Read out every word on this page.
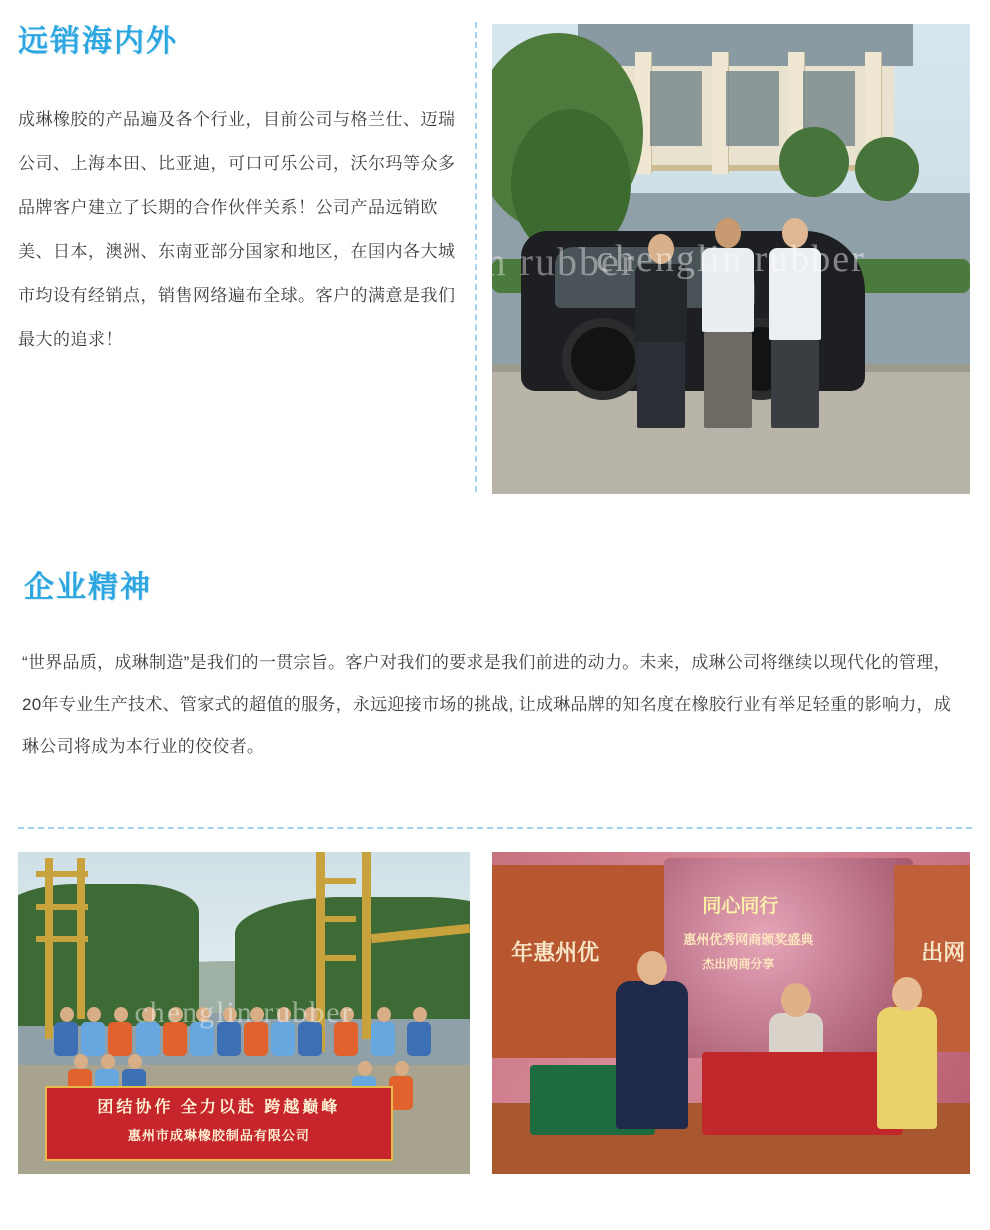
远销海内外
成琳橡胶的产品遍及各个行业，目前公司与格兰仕、迈瑞公司、上海本田、比亚迪，可口可乐公司，沃尔玛等众多品牌客户建立了长期的合作伙伴关系！公司产品远销欧美、日本，澳洲、东南亚部分国家和地区，在国内各大城市均设有经销点，销售网络遍布全球。客户的满意是我们最大的追求！
chenglin rubber
chenglin rubber
企业精神
“世界品质，成琳制造”是我们的一贯宗旨。客户对我们的要求是我们前进的动力。未来，成琳公司将继续以现代化的管理，20年专业生产技术、管家式的超值的服务，永远迎接市场的挑战, 让成琳品牌的知名度在橡胶行业有举足轻重的影响力，成琳公司将成为本行业的佼佼者。
团结协作 全力以赴 跨越巅峰
惠州市成琳橡胶制品有限公司
chenglin rubber
年惠州优	出网
同心同行
惠州优秀网商颁奖盛典
杰出网商分享
